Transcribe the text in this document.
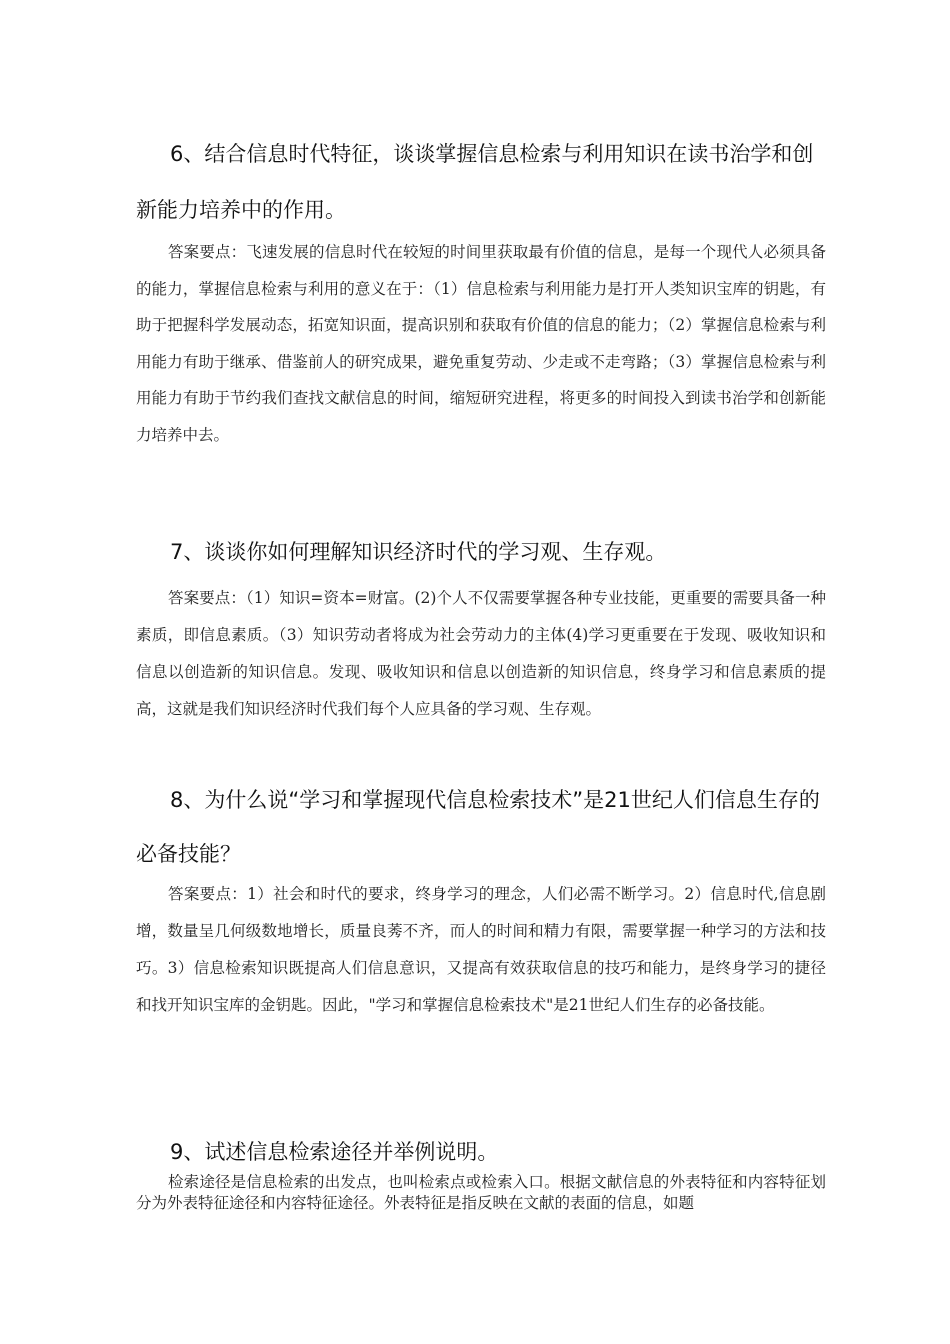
6、结合信息时代特征，谈谈掌握信息检索与利用知识在读书治学和创新能力培养中的作用。

答案要点：飞速发展的信息时代在较短的时间里获取最有价值的信息，是每一个现代人必须具备的能力，掌握信息检索与利用的意义在于：（1）信息检索与利用能力是打开人类知识宝库的钥匙，有助于把握科学发展动态，拓宽知识面，提高识别和获取有价值的信息的能力；（2）掌握信息检索与利用能力有助于继承、借鉴前人的研究成果，避免重复劳动、少走或不走弯路；（3）掌握信息检索与利用能力有助于节约我们查找文献信息的时间，缩短研究进程，将更多的时间投入到读书治学和创新能力培养中去。

7、谈谈你如何理解知识经济时代的学习观、生存观。

答案要点：（1）知识=资本=财富。(2)个人不仅需要掌握各种专业技能，更重要的需要具备一种素质，即信息素质。（3）知识劳动者将成为社会劳动力的主体(4)学习更重要在于发现、吸收知识和信息以创造新的知识信息。发现、吸收知识和信息以创造新的知识信息，终身学习和信息素质的提高，这就是我们知识经济时代我们每个人应具备的学习观、生存观。

8、为什么说“学习和掌握现代信息检索技术”是21世纪人们信息生存的必备技能？

答案要点：1）社会和时代的要求，终身学习的理念，人们必需不断学习。2）信息时代,信息剧增，数量呈几何级数地增长，质量良莠不齐，而人的时间和精力有限，需要掌握一种学习的方法和技巧。3）信息检索知识既提高人们信息意识，又提高有效获取信息的技巧和能力，是终身学习的捷径和找开知识宝库的金钥匙。因此，"学习和掌握信息检索技术"是21世纪人们生存的必备技能。

9、试述信息检索途径并举例说明。

检索途径是信息检索的出发点，也叫检索点或检索入口。根据文献信息的外表特征和内容特征划分为外表特征途径和内容特征途径。外表特征是指反映在文献的表面的信息，如题
